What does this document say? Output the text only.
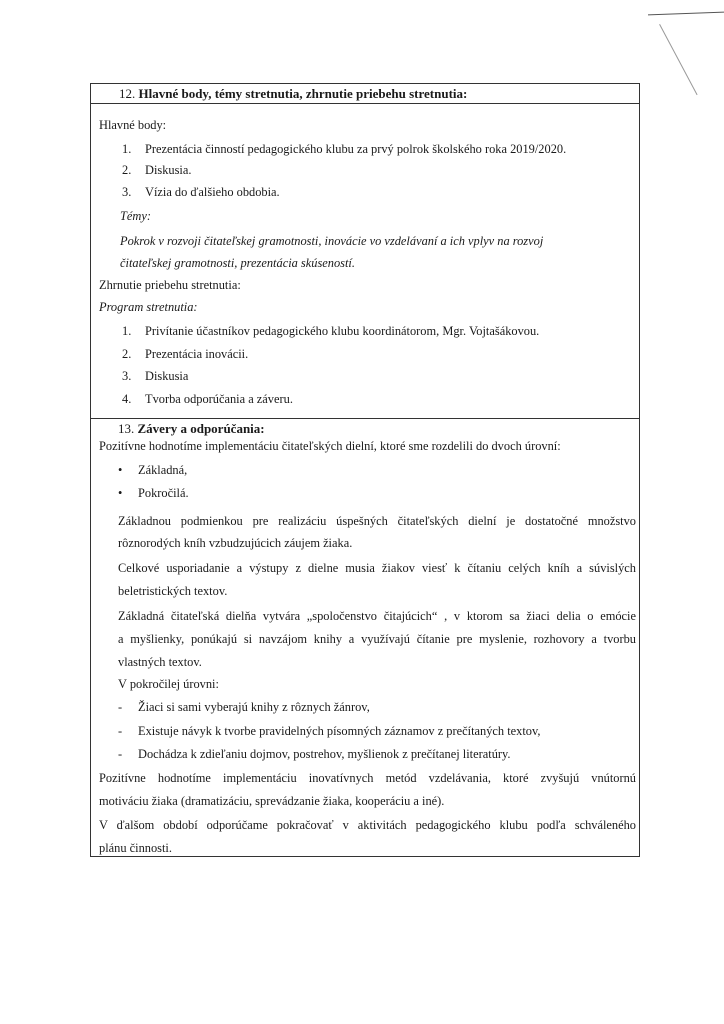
12. Hlavné body, témy stretnutia, zhrnutie priebehu stretnutia:
Hlavné body:
1. Prezentácia činností pedagogického klubu za prvý polrok školského roka 2019/2020.
2. Diskusia.
3. Vízia do ďalšieho obdobia.
Témy:
Pokrok v rozvoji čitateľskej gramotnosti, inovácie vo vzdelávaní a ich vplyv na rozvoj
čitateľskej gramotnosti, prezentácia skúseností.
Zhrnutie priebehu stretnutia:
Program stretnutia:
1. Privítanie účastníkov pedagogického klubu koordinátorom, Mgr. Vojtašákovou.
2. Prezentácia inovácii.
3. Diskusia
4. Tvorba odporúčania a záveru.
13. Závery a odporúčania:
Pozitívne hodnotíme implementáciu čitateľských dielní, ktoré sme rozdelili do dvoch úrovní:
• Základná,
• Pokročilá.
Základnou podmienkou pre realizáciu úspešných čitateľských dielní je dostatočné množstvo
rôznorodých kníh vzbudzujúcich záujem žiaka.
Celkové usporiadanie a výstupy z dielne musia žiakov viesť k čítaniu celých kníh a súvislých
beletristických textov.
Základná čitateľská dielňa vytvára „spoločenstvo čitajúcich“ , v ktorom sa žiaci delia o emócie
a myšlienky, ponúkajú si navzájom knihy a využívajú čítanie pre myslenie, rozhovory a tvorbu
vlastných textov.
V pokročilej úrovni:
- Žiaci si sami vyberajú knihy z rôznych žánrov,
- Existuje návyk k tvorbe pravidelných písomných záznamov z prečítaných textov,
- Dochádza k zdieľaniu dojmov, postrehov, myšlienok z prečítanej literatúry.
Pozitívne hodnotíme implementáciu inovatívnych metód vzdelávania, ktoré zvyšujú vnútornú
motiváciu žiaka (dramatizáciu, sprevádzanie žiaka, kooperáciu a iné).
V ďalšom období odporúčame pokračovať v aktivitách pedagogického klubu podľa schváleného
plánu činnosti.
